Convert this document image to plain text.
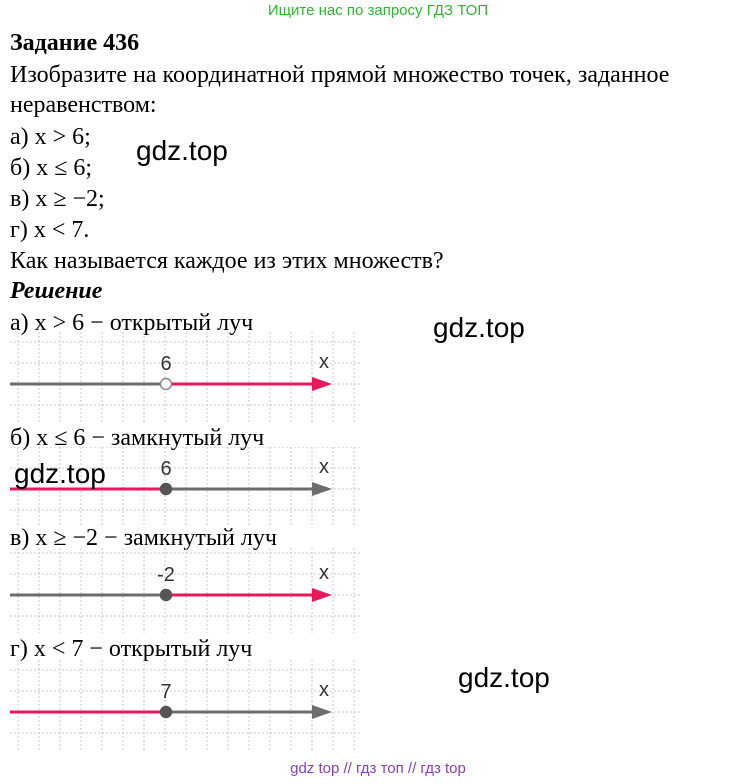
Ищите нас по запросу ГДЗ ТОП
Задание 436
Изобразите на координатной прямой множество точек, заданное
неравенством:
а) x > 6;
б) x ≤ 6;
в) x ≥ −2;
г) x < 7.
Как называется каждое из этих множеств?
Решение
а) x > 6 − открытый луч
6	x
б) x ≤ 6 − замкнутый луч
6	x
в) x ≥ −2 − замкнутый луч
-2	x
г) x < 7 − открытый луч
7	x
gdz.top
gdz.top
gdz.top
gdz.top
gdz top // гдз топ // гдз top
